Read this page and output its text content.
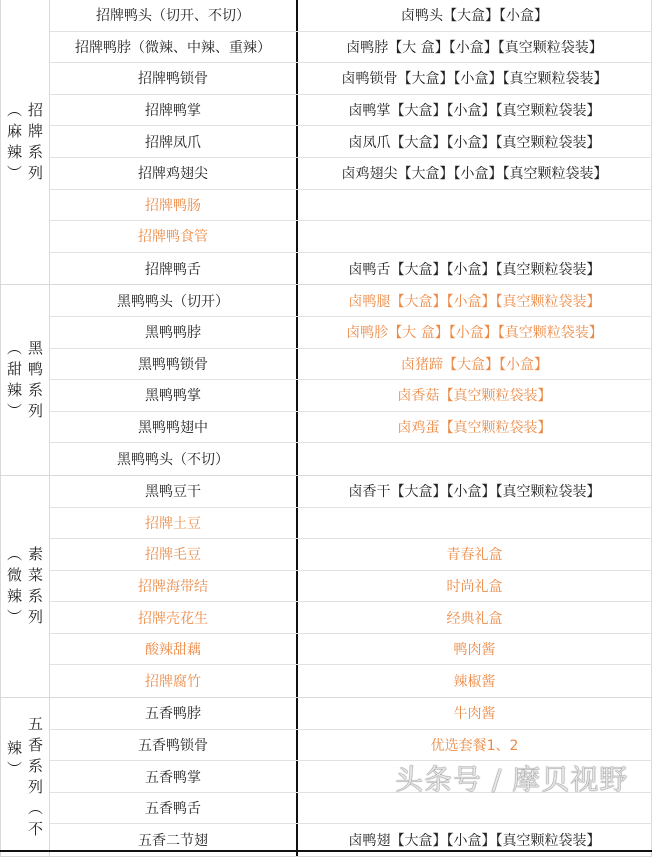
︵
麻
辣
︶
招
牌
系
列
招牌鸭头（切开、不切）	卤鸭头【大盒】【小盒】
招牌鸭脖（微辣、中辣、重辣）	卤鸭脖【大 盒】【小盒】【真空颗粒袋装】
招牌鸭锁骨	卤鸭锁骨【大盒】【小盒】【真空颗粒袋装】
招牌鸭掌	卤鸭掌【大盒】【小盒】【真空颗粒袋装】
招牌凤爪	卤凤爪【大盒】【小盒】【真空颗粒袋装】
招牌鸡翅尖	卤鸡翅尖【大盒】【小盒】【真空颗粒袋装】
招牌鸭肠
招牌鸭食管
招牌鸭舌	卤鸭舌【大盒】【小盒】【真空颗粒袋装】
︵
甜
辣
︶
黑
鸭
系
列
黑鸭鸭头（切开）	卤鸭腿【大盒】【小盒】【真空颗粒袋装】
黑鸭鸭脖	卤鸭胗【大 盒】【小盒】【真空颗粒袋装】
黑鸭鸭锁骨	卤猪蹄【大盒】【小盒】
黑鸭鸭掌	卤香菇【真空颗粒袋装】
黑鸭鸭翅中	卤鸡蛋【真空颗粒袋装】
黑鸭鸭头（不切）
︵
微
辣
︶
素
菜
系
列
黑鸭豆干	卤香干【大盒】【小盒】【真空颗粒袋装】
招牌土豆
招牌毛豆	青春礼盒
招牌海带结	时尚礼盒
招牌壳花生	经典礼盒
酸辣甜藕	鸭肉酱
招牌腐竹	辣椒酱
辣
︶
五
香
系
列
︵
不
五香鸭脖	牛肉酱
五香鸭锁骨	优选套餐1、2
五香鸭掌
五香鸭舌
五香二节翅	卤鸭翅【大盒】【小盒】【真空颗粒袋装】
头条号 / 摩贝视野
